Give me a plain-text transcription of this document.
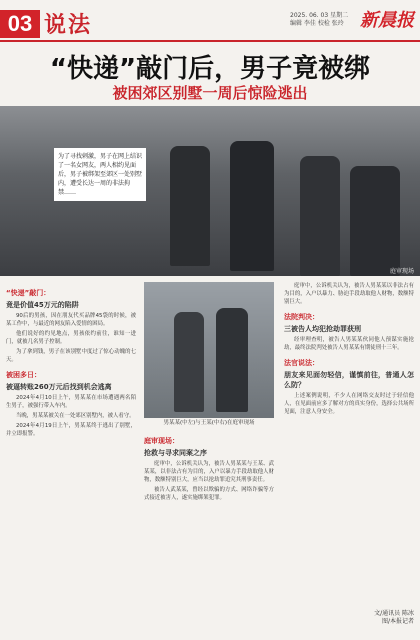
03 说法	2025. 06. 03 星期二
编辑 李佳 校检 张玲 新晨报
“快递”敲门后，男子竟被绑
被困郊区别墅一周后惊险逃出
为了寻找刺激，男子在网上结识了一名女网友，两人相约见面后，男子被绑架至郊区一处别墅内，遭受长达一周的非法拘禁……
庭审现场
“快递”敲门：
竟是价值45万元的陷阱

90后的男孩，因在朋友代买品牌45袋的时候，被某工作中，与最近的网友陷入爱情的困局。

他们说好的约见地点，男孩依约前往，谁知一进门，就被几名男子控制。

为了拿到钱，男子在该别墅中度过了惊心动魄的七天。

被困多日：
被逼转账260万元后找到机会逃离

2024年4月10日上午，男某某在市场遭遇两名陌生男子，被强行带入车内。

当晚，男某某被关在一处郊区别墅内，被人看守。

2024年4月19日上午，男某某终于逃出了别墅，并立即报警。

男某某(中左)与王某(中右)在庭审现场
庭审现场：
抢救与寻求同案之序

庭审中，公诉机关认为，被告人男某某与王某、武某某，以非法占有为目的，入户以暴力手段劫取他人财物，数额特别巨大，应当以抢劫罪追究其刑事责任。

被告人武某某，曾经以欺骗的方式、网络诈骗等方式接近被害人，遂实施绑架犯罪。

庭审中，公诉机关认为，被告人男某某以非法占有为目的，入户以暴力、胁迫手段劫取他人财物，数额特别巨大。

法院判决：
三被告人均犯抢劫罪获刑

经审理查明，被告人男某某伙同他人预谋实施抢劫，最终法院判处被告人男某某有期徒刑十三年。

法官说法：
朋友来见面勿轻信，谨慎前往，普通人怎么防？

上述案例说明，不少人在网络交友时过于轻信他人，在见面前应多了解对方的真实身份，选择公共场所见面，注意人身安全。

文/通讯员 陈冰
图/本报记者
